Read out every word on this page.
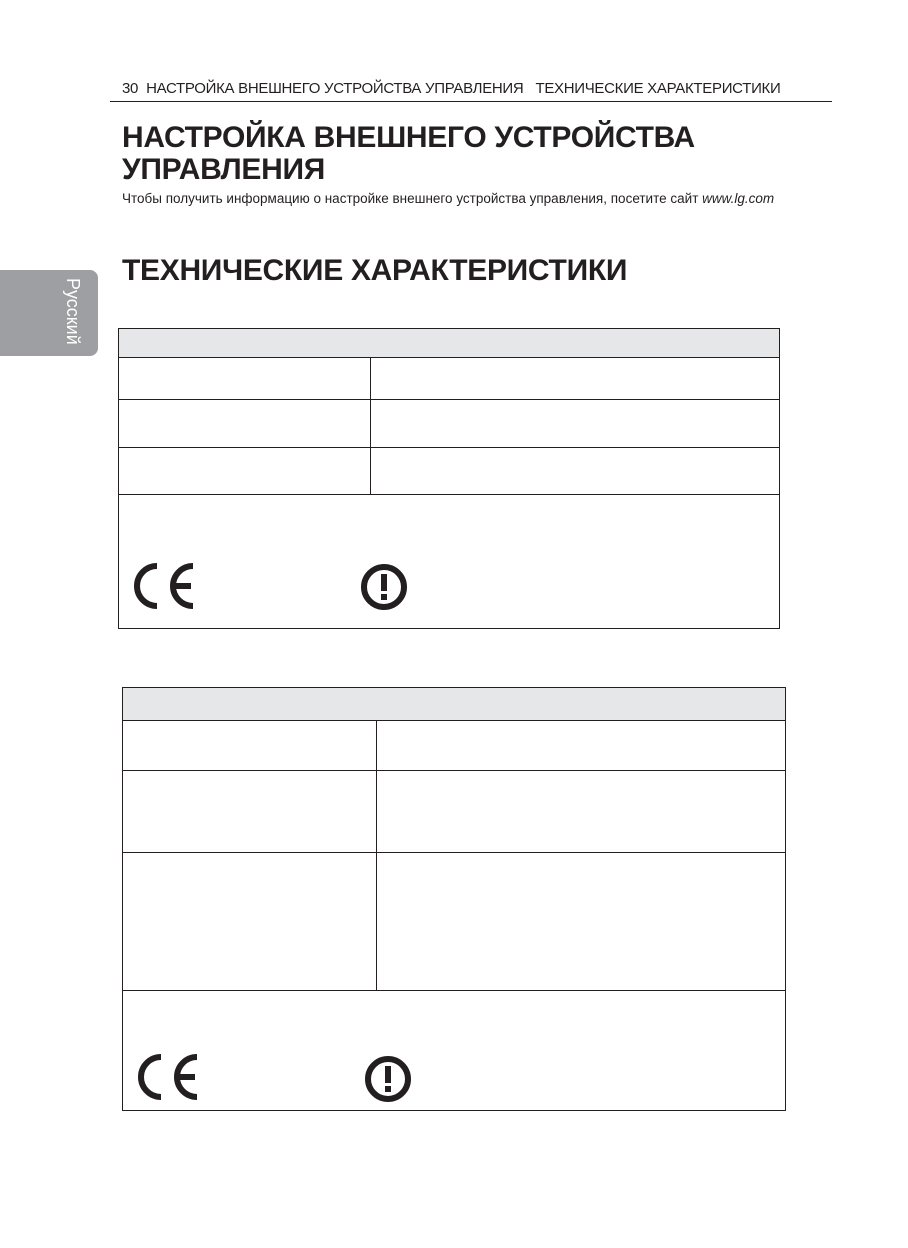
30 НАСТРОЙКА ВНЕШНЕГО УСТРОЙСТВА УПРАВЛЕНИЯ ТЕХНИЧЕСКИЕ ХАРАКТЕРИСТИКИ
Русский
НАСТРОЙКА ВНЕШНЕГО УСТРОЙСТВА УПРАВЛЕНИЯ
Чтобы получить информацию о настройке внешнего устройства управления, посетите сайт www.lg.com
ТЕХНИЧЕСКИЕ ХАРАКТЕРИСТИКИ
